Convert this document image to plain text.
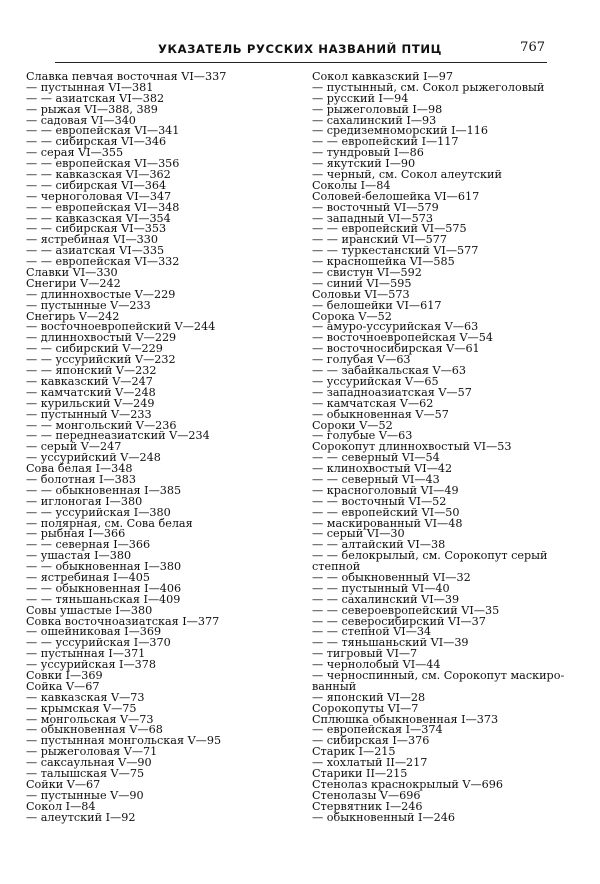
УКАЗАТЕЛЬ РУССКИХ НАЗВАНИЙ ПТИЦ	767
Славка певчая восточная VI—337
— пустынная VI—381
— — азиатская VI—382
— рыжая VI—388, 389
— садовая VI—340
— — европейская VI—341
— — сибирская VI—346
— серая VI—355
— — европейская VI—356
— — кавказская VI—362
— — сибирская VI—364
— черноголовая VI—347
— — европейская VI—348
— — кавказская VI—354
— — сибирская VI—353
— ястребиная VI—330
— — азиатская VI—335
— — европейская VI—332
Славки VI—330
Снегири V—242
— длиннохвостые V—229
— пустынные V—233
Снегирь V—242
— восточноевропейский V—244
— длиннохвостый V—229
— — сибирский V—229
— — уссурийский V—232
— — японский V—232
— кавказский V—247
— камчатский V—248
— курильский V—249
— пустынный V—233
— — монгольский V—236
— — переднеазиатский V—234
— серый V—247
— уссурийский V—248
Сова белая I—348
— болотная I—383
— — обыкновенная I—385
— иглоногая I—380
— — уссурийская I—380
— полярная, см. Сова белая
— рыбная I—366
— — северная I—366
— ушастая I—380
— — обыкновенная I—380
— ястребиная I—405
— — обыкновенная I—406
— — тяньшаньская I—409
Совы ушастые I—380
Совка восточноазиатская I—377
— ошейниковая I—369
— — уссурийская I—370
— пустынная I—371
— уссурийская I—378
Совки I—369
Сойка V—67
— кавказская V—73
— крымская V—75
— монгольская V—73
— обыкновенная V—68
— пустынная монгольская V—95
— рыжеголовая V—71
— саксаульная V—90
— талышская V—75
Сойки V—67
— пустынные V—90
Сокол I—84
— алеутский I—92
Сокол кавказский I—97
— пустынный, см. Сокол рыжеголовый
— русский I—94
— рыжеголовый I—98
— сахалинский I—93
— средиземноморский I—116
— — европейский I—117
— тундровый I—86
— якутский I—90
— черный, см. Сокол алеутский
Соколы I—84
Соловей-белошейка VI—617
— восточный VI—579
— западный VI—573
— — европейский VI—575
— — иранский VI—577
— — туркестанский VI—577
— красношейка VI—585
— свистун VI—592
— синий VI—595
Соловьи VI—573
— белошейки VI—617
Сорока V—52
— амуро-уссурийская V—63
— восточноевропейская V—54
— восточносибирская V—61
— голубая V—63
— — забайкальская V—63
— уссурийская V—65
— западноазиатская V—57
— камчатская V—62
— обыкновенная V—57
Сороки V—52
— голубые V—63
Сорокопут длиннохвостый VI—53
— — северный VI—54
— клинохвостый VI—42
— — северный VI—43
— красноголовый VI—49
— — восточный VI—52
— — европейский VI—50
— маскированный VI—48
— серый VI—30
— — алтайский VI—38
— — белокрылый, см. Сорокопут серый
степной
— — обыкновенный VI—32
— — пустынный VI—40
— — сахалинский VI—39
— — североевропейский VI—35
— — северосибирский VI—37
— — степной VI—34
— — тяньшаньский VI—39
— тигровый VI—7
— чернолобый VI—44
— черноспинный, см. Сорокопут маскиро-
ванный
— японский VI—28
Сорокопуты VI—7
Сплюшка обыкновенная I—373
— европейская I—374
— сибирская I—376
Старик I—215
— хохлатый II—217
Старики II—215
Стенолаз краснокрылый V—696
Стенолазы V—696
Стервятник I—246
— обыкновенный I—246
